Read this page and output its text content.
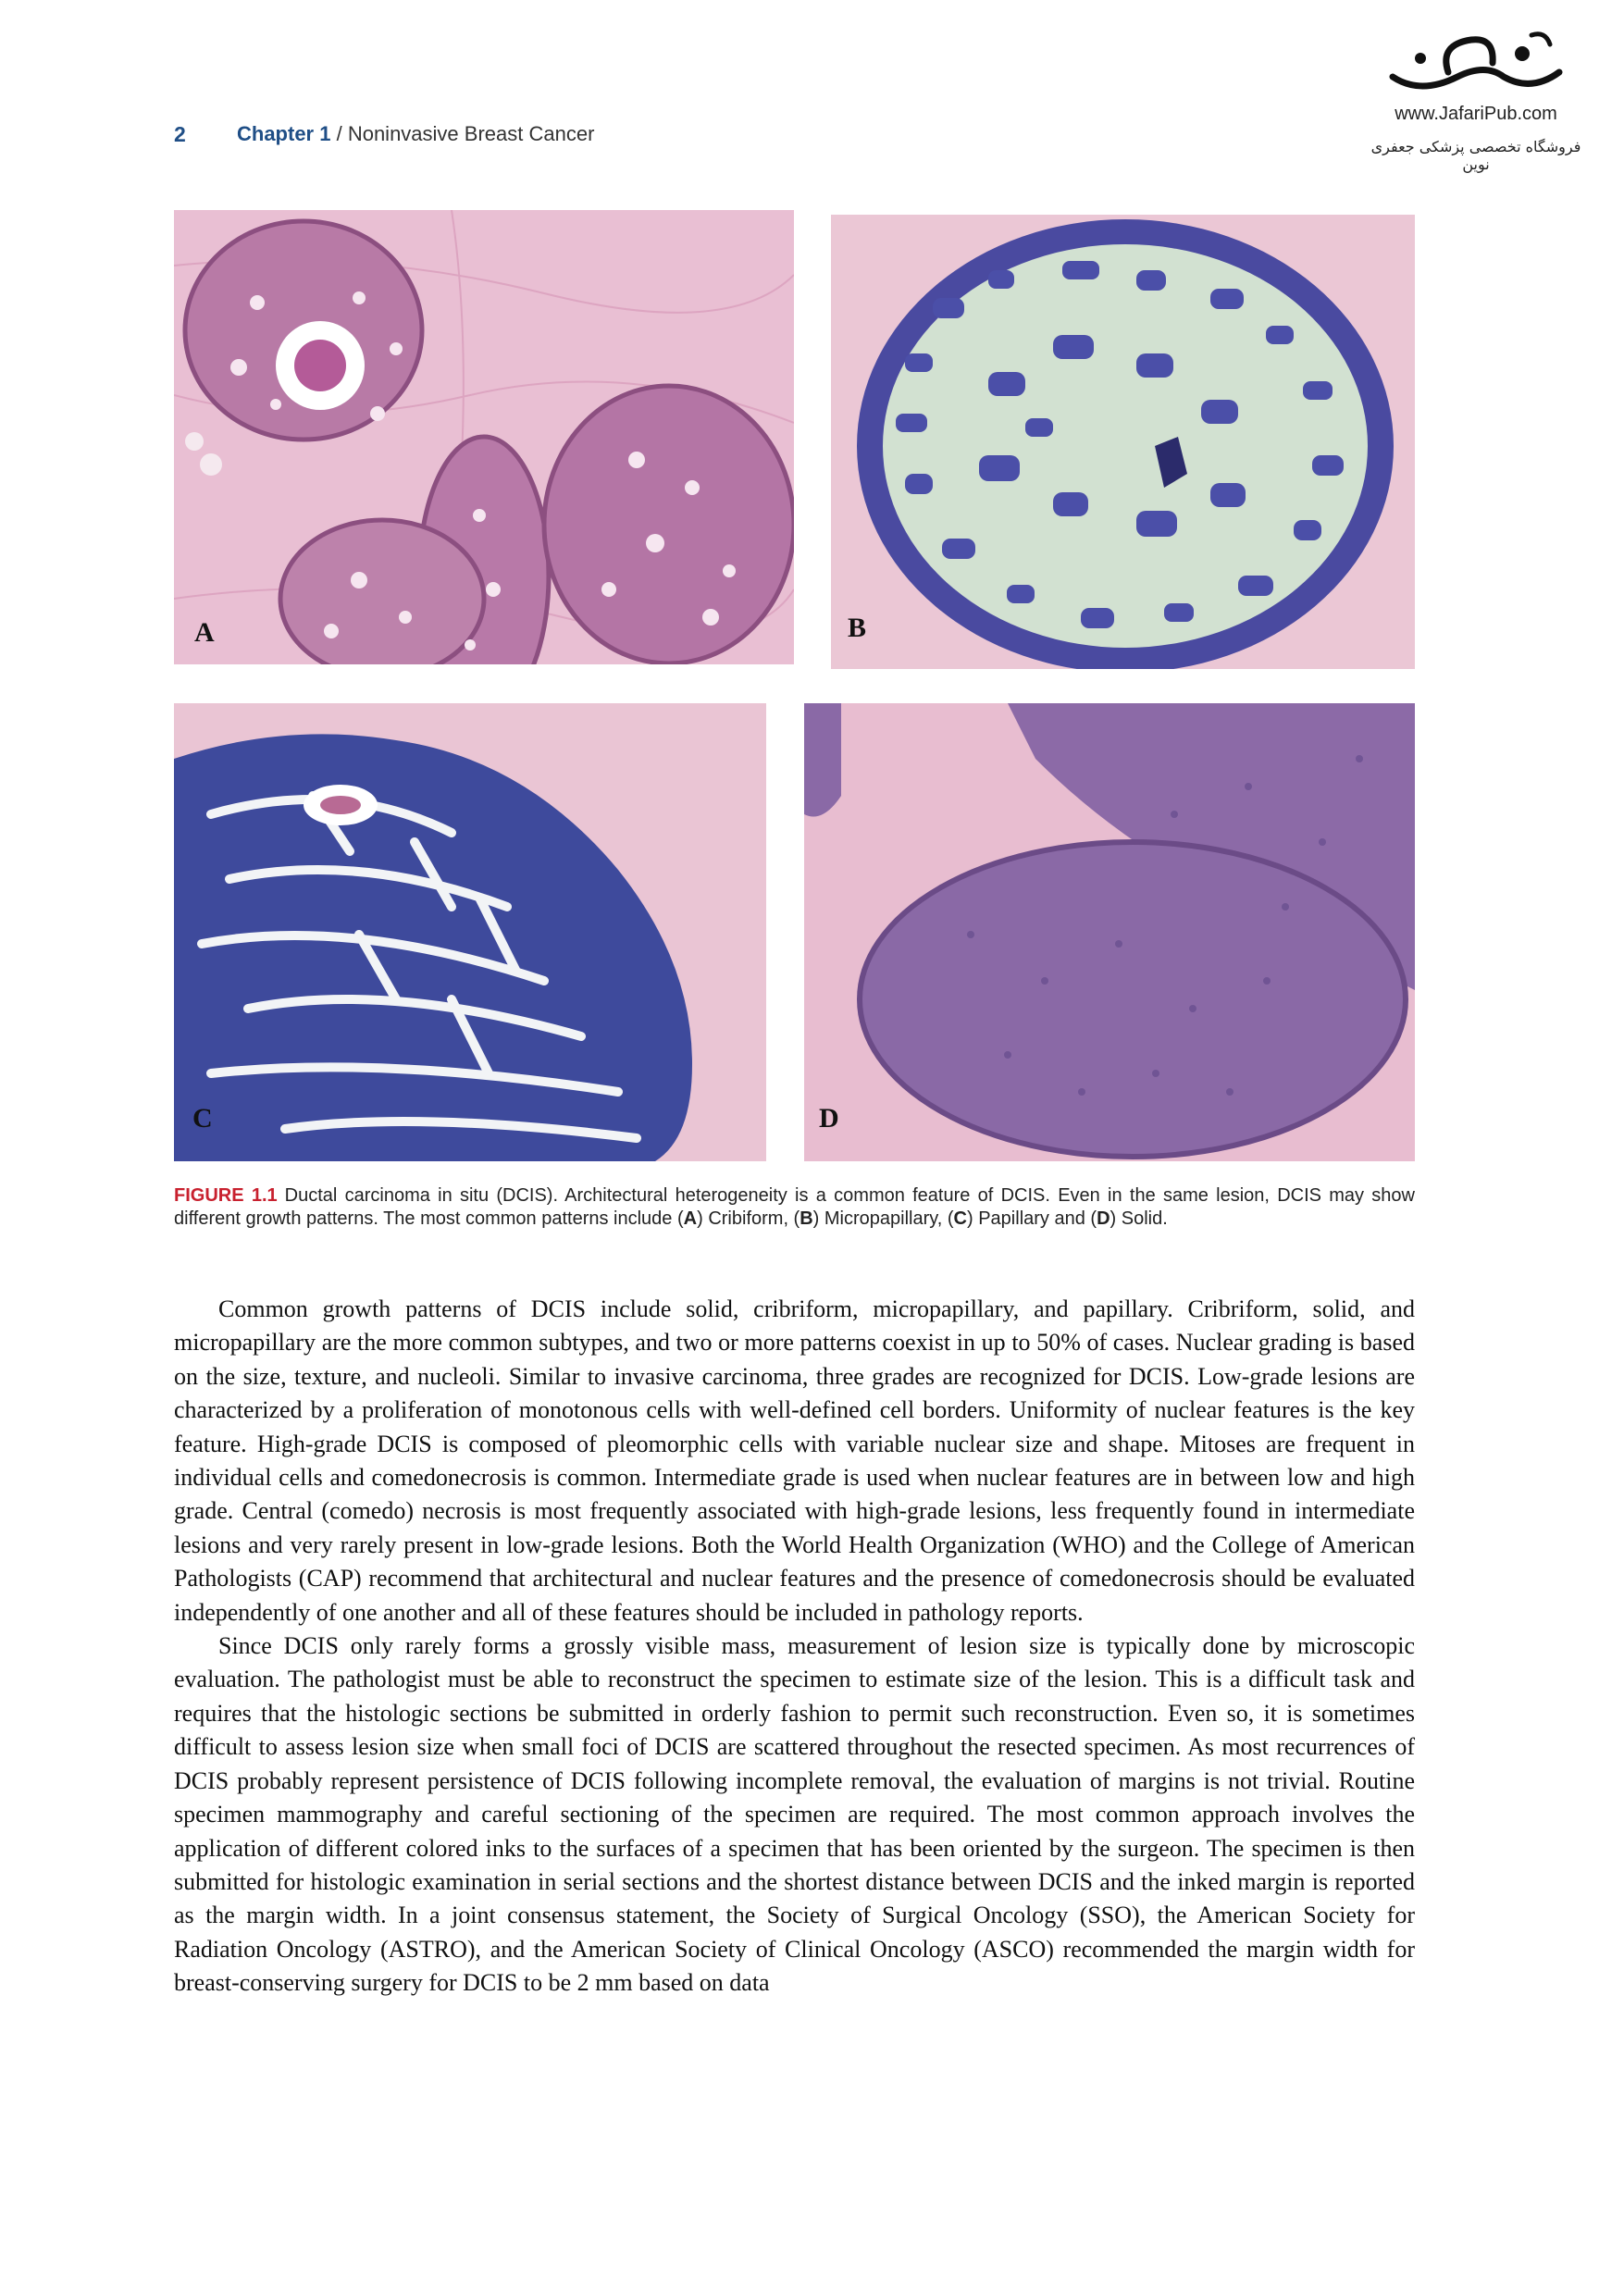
2	Chapter 1 / Noninvasive Breast Cancer
www.JafariPub.com
فروشگاه تخصصی پزشکی جعفری نوین
A	B
C	D
FIGURE 1.1 Ductal carcinoma in situ (DCIS). Architectural heterogeneity is a common feature of DCIS. Even in the same lesion, DCIS may show different growth patterns. The most common patterns include (A) Cribiform, (B) Micropapillary, (C) Papillary and (D) Solid.

Common growth patterns of DCIS include solid, cribriform, micropapillary, and papillary. Cribriform, solid, and micropapillary are the more common subtypes, and two or more patterns coexist in up to 50% of cases. Nuclear grading is based on the size, texture, and nucleoli. Similar to invasive carcinoma, three grades are recognized for DCIS. Low-grade lesions are characterized by a proliferation of monotonous cells with well-defined cell borders. Uniformity of nuclear features is the key feature. High-grade DCIS is composed of pleomorphic cells with variable nuclear size and shape. Mitoses are frequent in individual cells and comedonecrosis is common. Intermediate grade is used when nuclear features are in between low and high grade. Central (comedo) necrosis is most frequently associated with high-grade lesions, less frequently found in intermediate lesions and very rarely present in low-grade lesions. Both the World Health Organization (WHO) and the College of American Pathologists (CAP) recommend that architectural and nuclear features and the presence of comedonecrosis should be evaluated independently of one another and all of these features should be included in pathology reports.

Since DCIS only rarely forms a grossly visible mass, measurement of lesion size is typically done by microscopic evaluation. The pathologist must be able to reconstruct the specimen to estimate size of the lesion. This is a difficult task and requires that the histologic sections be submitted in orderly fashion to permit such reconstruction. Even so, it is sometimes difficult to assess lesion size when small foci of DCIS are scattered throughout the resected specimen. As most recurrences of DCIS probably represent persistence of DCIS following incomplete removal, the evaluation of margins is not trivial. Routine specimen mammography and careful sectioning of the specimen are required. The most common approach involves the application of different colored inks to the surfaces of a specimen that has been oriented by the surgeon. The specimen is then submitted for histologic examination in serial sections and the shortest distance between DCIS and the inked margin is reported as the margin width. In a joint consensus statement, the Society of Surgical Oncology (SSO), the American Society for Radiation Oncology (ASTRO), and the American Society of Clinical Oncology (ASCO) recommended the margin width for breast-conserving surgery for DCIS to be 2 mm based on data
